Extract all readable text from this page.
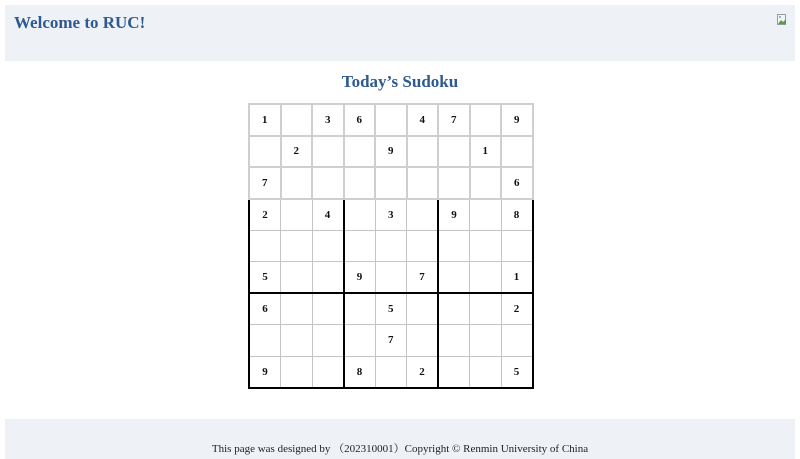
Welcome to RUC!
Today’s Sudoku
1		3	6		4	7		9
	2			9			1	
7								6
2		4		3		9		8

5			9		7			1
6				5				2
				7				
9			8		2			5
This page was designed by （202310001）Copyright © Renmin University of China
